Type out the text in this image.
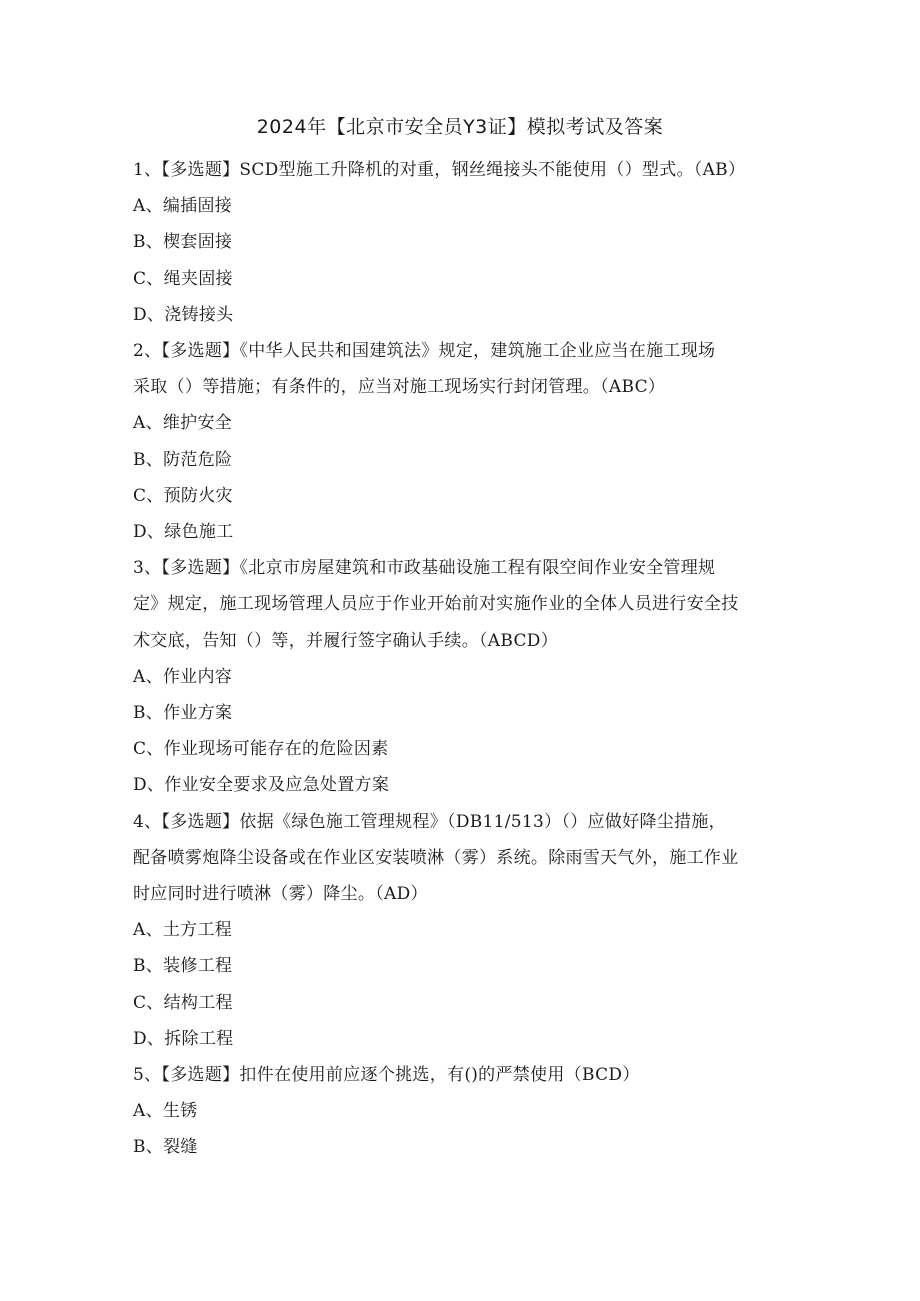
2024年【北京市安全员Y3证】模拟考试及答案
1、【多选题】SCD型施工升降机的对重，钢丝绳接头不能使用（）型式。（AB）
A、编插固接
B、楔套固接
C、绳夹固接
D、浇铸接头
2、【多选题】《中华人民共和国建筑法》规定，建筑施工企业应当在施工现场
采取（）等措施；有条件的，应当对施工现场实行封闭管理。（ABC）
A、维护安全
B、防范危险
C、预防火灾
D、绿色施工
3、【多选题】《北京市房屋建筑和市政基础设施工程有限空间作业安全管理规
定》规定，施工现场管理人员应于作业开始前对实施作业的全体人员进行安全技
术交底，告知（）等，并履行签字确认手续。（ABCD）
A、作业内容
B、作业方案
C、作业现场可能存在的危险因素
D、作业安全要求及应急处置方案
4、【多选题】依据《绿色施工管理规程》（DB11/513）（）应做好降尘措施，
配备喷雾炮降尘设备或在作业区安装喷淋（雾）系统。除雨雪天气外，施工作业
时应同时进行喷淋（雾）降尘。（AD）
A、土方工程
B、装修工程
C、结构工程
D、拆除工程
5、【多选题】扣件在使用前应逐个挑选，有()的严禁使用（BCD）
A、生锈
B、裂缝
